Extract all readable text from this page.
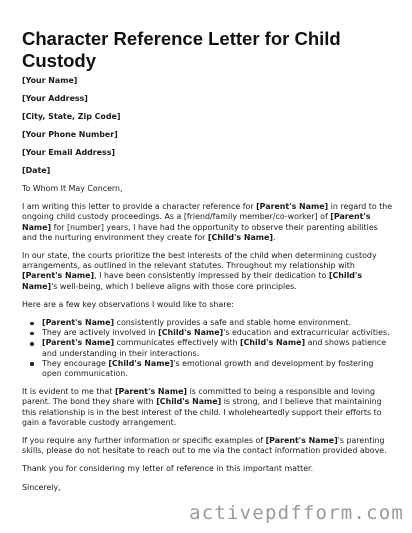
Character Reference Letter for Child Custody
[Your Name]
[Your Address]
[City, State, Zip Code]
[Your Phone Number]
[Your Email Address]
[Date]

To Whom It May Concern,

I am writing this letter to provide a character reference for [Parent's Name] in regard to the ongoing child custody proceedings. As a [friend/family member/co-worker] of [Parent's Name] for [number] years, I have had the opportunity to observe their parenting abilities and the nurturing environment they create for [Child's Name].

In our state, the courts prioritize the best interests of the child when determining custody arrangements, as outlined in the relevant statutes. Throughout my relationship with [Parent's Name], I have been consistently impressed by their dedication to [Child's Name]'s well-being, which I believe aligns with those core principles.

Here are a few key observations I would like to share:

[Parent's Name] consistently provides a safe and stable home environment.
They are actively involved in [Child's Name]'s education and extracurricular activities.
[Parent's Name] communicates effectively with [Child's Name] and shows patience and understanding in their interactions.
They encourage [Child's Name]'s emotional growth and development by fostering open communication.

It is evident to me that [Parent's Name] is committed to being a responsible and loving parent. The bond they share with [Child's Name] is strong, and I believe that maintaining this relationship is in the best interest of the child. I wholeheartedly support their efforts to gain a favorable custody arrangement.

If you require any further information or specific examples of [Parent's Name]'s parenting skills, please do not hesitate to reach out to me via the contact information provided above.

Thank you for considering my letter of reference in this important matter.

Sincerely,

activepdfform.com
